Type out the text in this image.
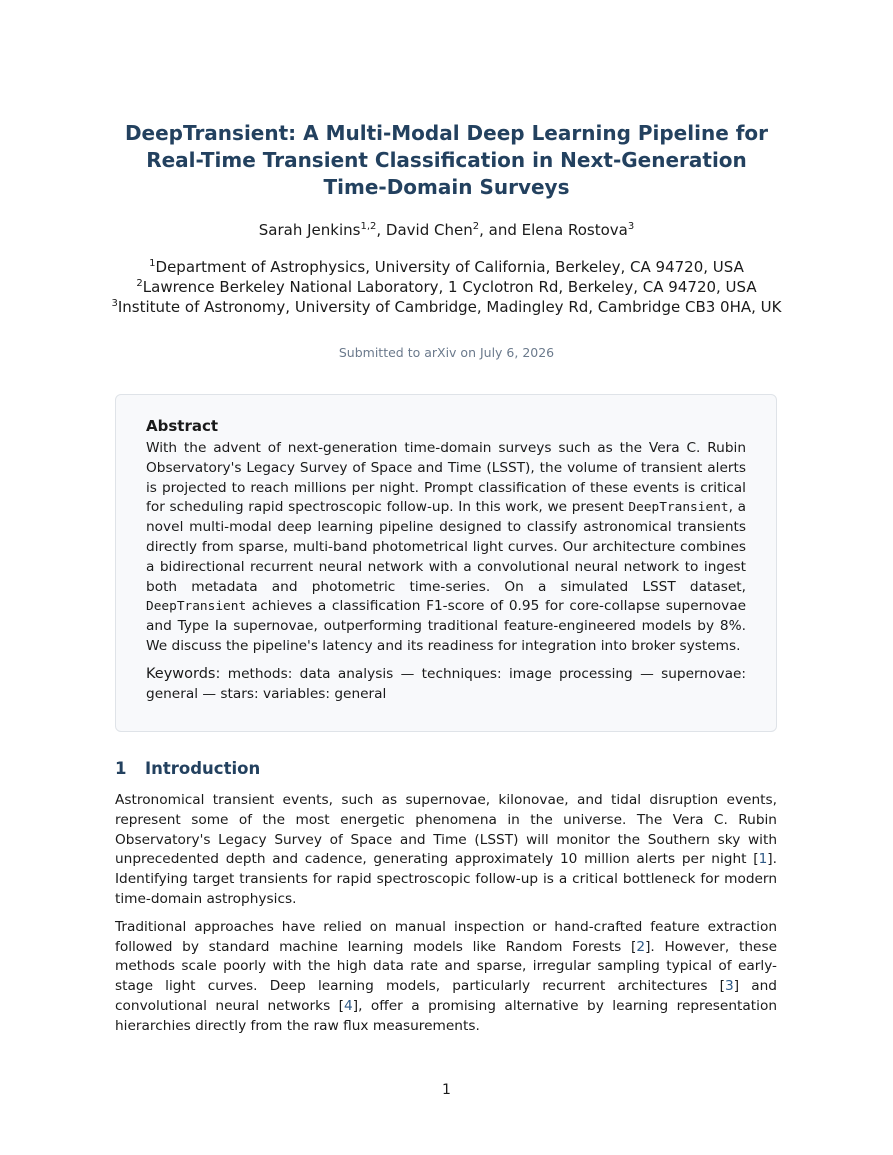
DeepTransient: A Multi-Modal Deep Learning Pipeline for
Real-Time Transient Classification in Next-Generation
Time-Domain Surveys
Sarah Jenkins$^{1,2}$, David Chen$^2$, and Elena Rostova$^3$
$^1$Department of Astrophysics, University of California, Berkeley, CA 94720, USA
$^2$Lawrence Berkeley National Laboratory, 1 Cyclotron Rd, Berkeley, CA 94720, USA
$^3$Institute of Astronomy, University of Cambridge, Madingley Rd, Cambridge CB3 0HA, UK
Submitted to arXiv on July 6, 2026
Abstract

With the advent of next-generation time-domain surveys such as the Vera C. Rubin Observatory's Legacy Survey of Space and Time (LSST), the volume of transient alerts is projected to reach millions per night. Prompt classification of these events is critical for scheduling rapid spectroscopic follow-up. In this work, we present DeepTransient, a novel multi-modal deep learning pipeline designed to classify astronomical transients directly from sparse, multi-band photometrical light curves. Our architecture combines a bidirectional recurrent neural network with a convolutional neural network to ingest both metadata and photometric time-series. On a simulated LSST dataset, DeepTransient achieves a classification F1-score of 0.95 for core-collapse supernovae and Type Ia supernovae, outperforming traditional feature-engineered models by 8%. We discuss the pipeline's latency and its readiness for integration into broker systems.

Keywords: methods: data analysis — techniques: image processing — supernovae: general — stars: variables: general
1 Introduction

Astronomical transient events, such as supernovae, kilonovae, and tidal disruption events, represent some of the most energetic phenomena in the universe. The Vera C. Rubin Observatory's Legacy Survey of Space and Time (LSST) will monitor the Southern sky with unprecedented depth and cadence, generating approximately 10 million alerts per night [1]. Identifying target transients for rapid spectroscopic follow-up is a critical bottleneck for modern time-domain astrophysics.

Traditional approaches have relied on manual inspection or hand-crafted feature extraction followed by standard machine learning models like Random Forests [2]. However, these methods scale poorly with the high data rate and sparse, irregular sampling typical of early-stage light curves. Deep learning models, particularly recurrent architectures [3] and convolutional neural networks [4], offer a promising alternative by learning representation hierarchies directly from the raw flux measurements.

1
